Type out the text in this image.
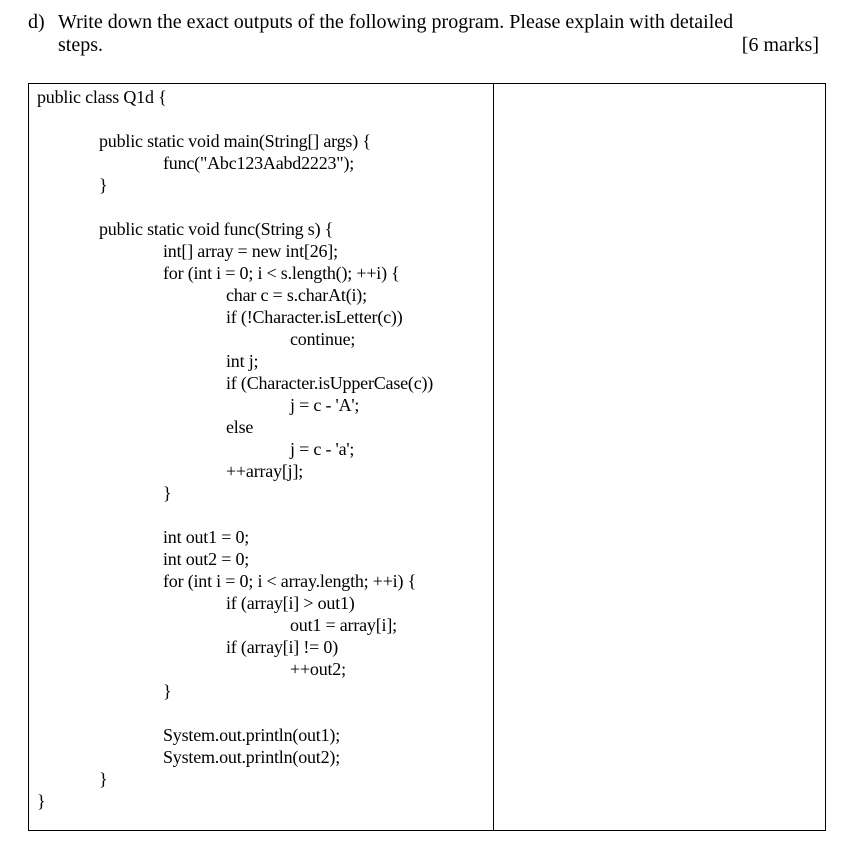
d) Write down the exact outputs of the following program. Please explain with detailed
steps.	[6 marks]
public class Q1d {
public static void main(String[] args) {
func("Abc123Aabd2223");
}
public static void func(String s) {
int[] array = new int[26];
for (int i = 0; i < s.length(); ++i) {
char c = s.charAt(i);
if (!Character.isLetter(c))
continue;
int j;
if (Character.isUpperCase(c))
j = c - 'A';
else
j = c - 'a';
++array[j];
}
int out1 = 0;
int out2 = 0;
for (int i = 0; i < array.length; ++i) {
if (array[i] > out1)
out1 = array[i];
if (array[i] != 0)
++out2;
}
System.out.println(out1);
System.out.println(out2);
}
}
